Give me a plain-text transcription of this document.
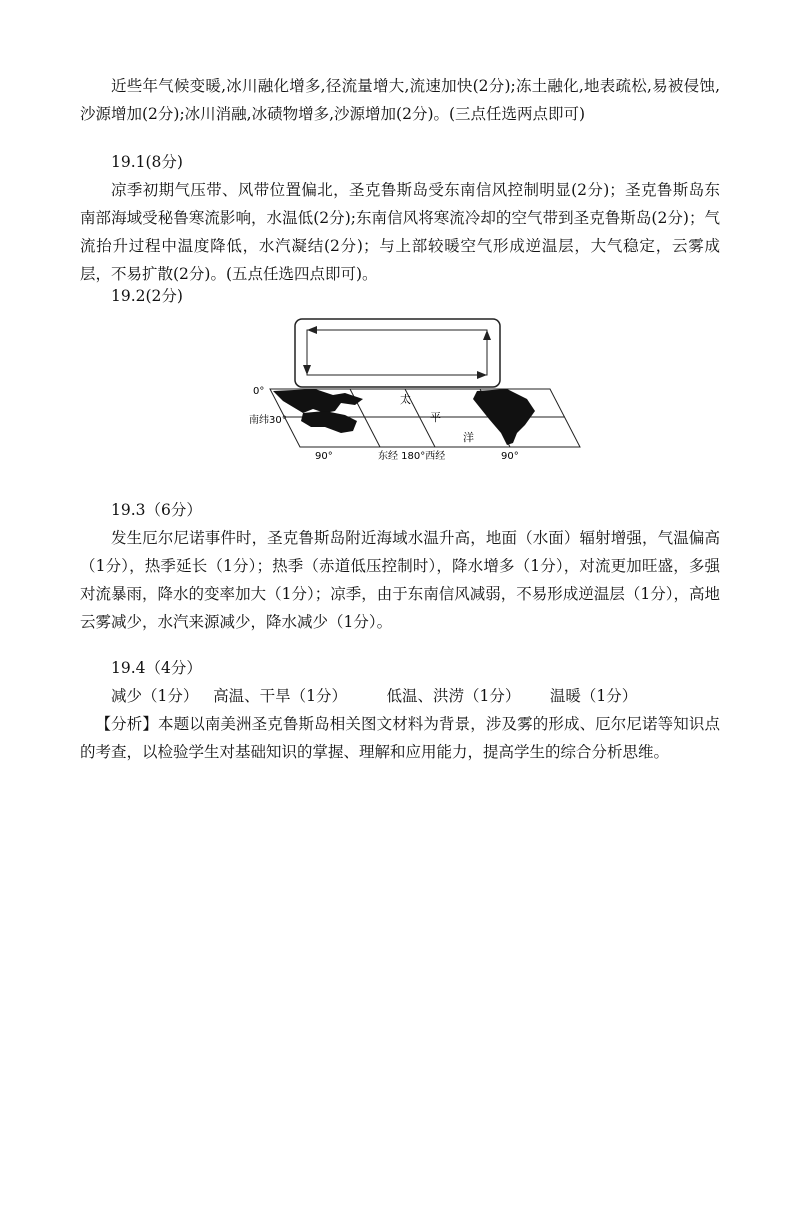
近些年气候变暖,冰川融化增多,径流量增大,流速加快(2分);冻土融化,地表疏松,易被侵蚀,沙源增加(2分);冰川消融,冰碛物增多,沙源增加(2分)。(三点任选两点即可)

19.1(8分)

凉季初期气压带、风带位置偏北，圣克鲁斯岛受东南信风控制明显(2分)；圣克鲁斯岛东南部海域受秘鲁寒流影响，水温低(2分);东南信风将寒流冷却的空气带到圣克鲁斯岛(2分)；气流抬升过程中温度降低，水汽凝结(2分)；与上部较暖空气形成逆温层，大气稳定，云雾成层，不易扩散(2分)。(五点任选四点即可)。

19.2(2分)

0°
南纬30°
太
平
洋
90°	东经 180°西经	90°

19.3（6分）

发生厄尔尼诺事件时，圣克鲁斯岛附近海域水温升高，地面（水面）辐射增强，气温偏高（1分），热季延长（1分）；热季（赤道低压控制时），降水增多（1分），对流更加旺盛，多强对流暴雨，降水的变率加大（1分）；凉季，由于东南信风减弱，不易形成逆温层（1分），高地云雾减少，水汽来源减少，降水减少（1分）。

19.4（4分）

减少（1分） 高温、干旱（1分）	低温、洪涝（1分） 温暖（1分）

【分析】本题以南美洲圣克鲁斯岛相关图文材料为背景，涉及雾的形成、厄尔尼诺等知识点的考查，以检验学生对基础知识的掌握、理解和应用能力，提高学生的综合分析思维。
